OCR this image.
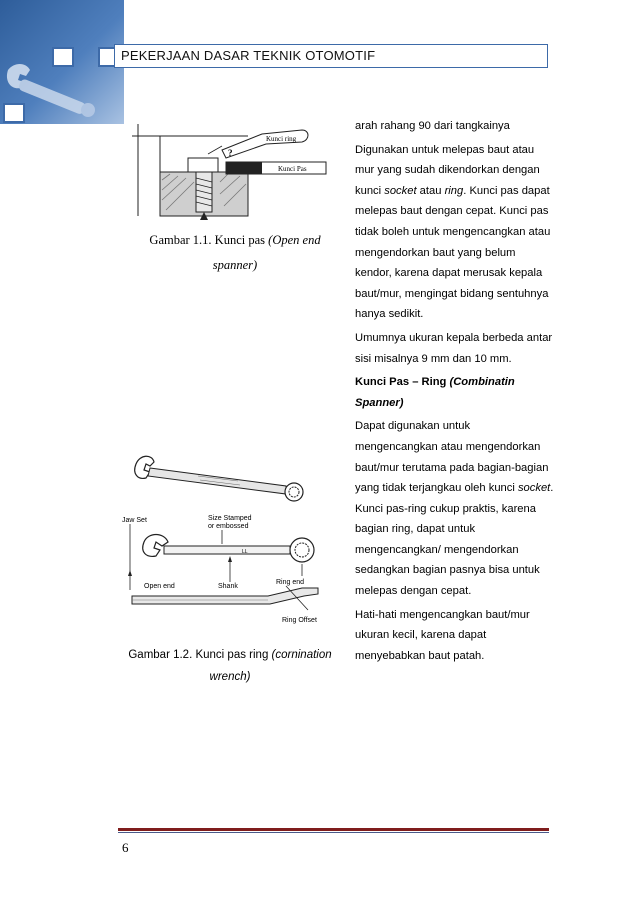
PEKERJAAN DASAR TEKNIK OTOMOTIF
Kunci ring
Kunci Pas
?
Gambar 1.1. Kunci pas (Open end spanner)
Jaw Set	Size Stamped
or embossed
LL
Open end	Shank
Ring end
Ring Offset
Gambar 1.2. Kunci pas ring (cornination wrench)

arah rahang 90 dari tangkainya

Digunakan untuk melepas baut atau mur yang sudah dikendorkan dengan kunci socket atau ring. Kunci pas dapat melepas baut dengan cepat. Kunci pas tidak boleh untuk mengencangkan atau mengendorkan baut yang belum kendor, karena dapat merusak kepala baut/mur, mengingat bidang sentuhnya hanya sedikit.

Umumnya ukuran kepala berbeda antar sisi misalnya 9 mm dan 10 mm.

Kunci Pas – Ring (Combinatin Spanner)

Dapat digunakan untuk mengencangkan atau mengendorkan baut/mur terutama pada bagian-bagian yang tidak terjangkau oleh kunci socket. Kunci pas-ring cukup praktis, karena bagian ring, dapat untuk mengencangkan/ mengendorkan sedangkan bagian pasnya bisa untuk melepas dengan cepat.

Hati-hati mengencangkan baut/mur ukuran kecil, karena dapat menyebabkan baut patah.

6
